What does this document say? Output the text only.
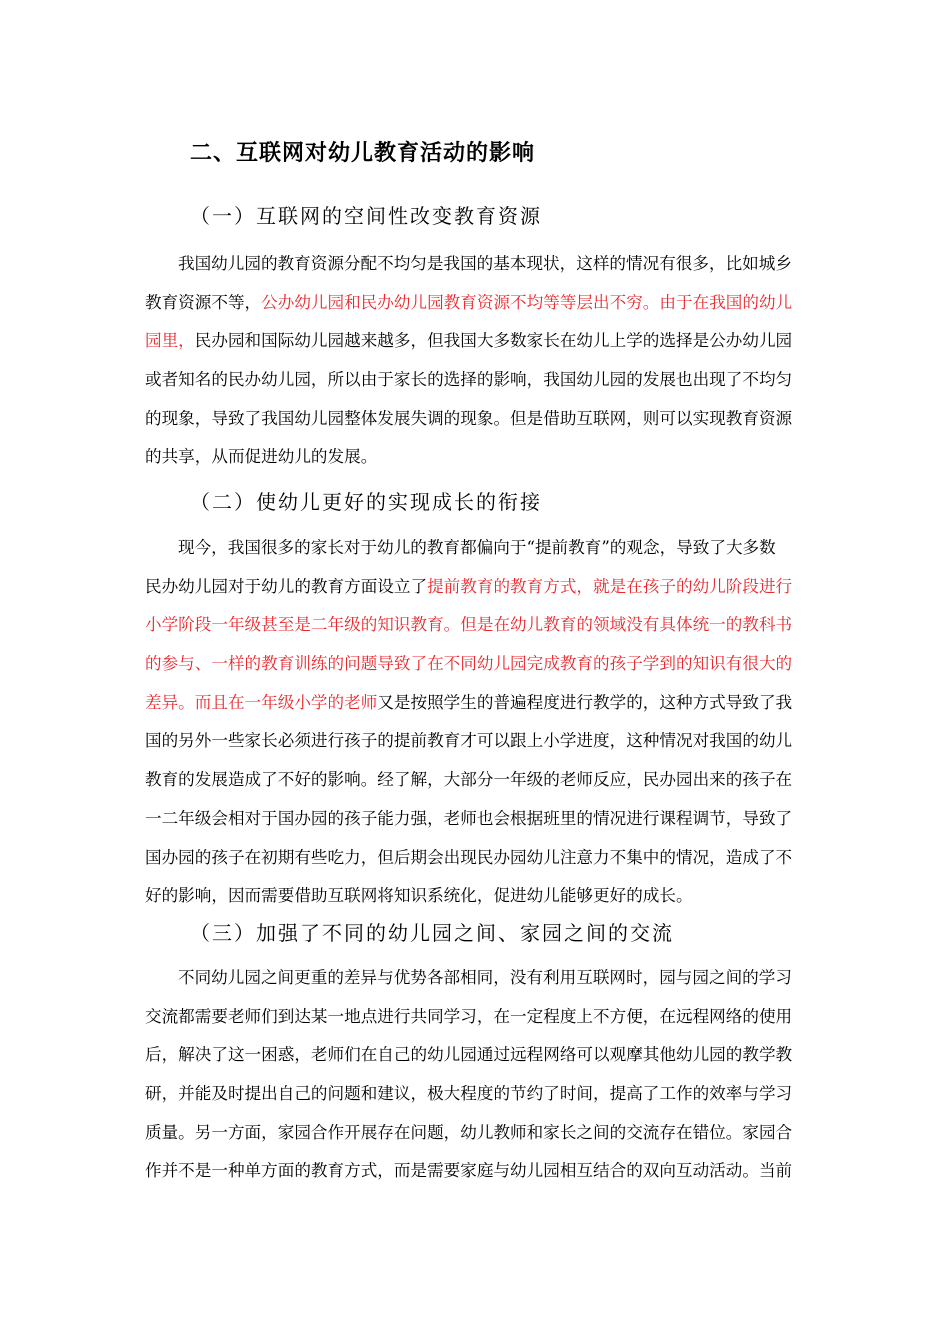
二、互联网对幼儿教育活动的影响
（一）互联网的空间性改变教育资源
我国幼儿园的教育资源分配不均匀是我国的基本现状，这样的情况有很多，比如城乡
教育资源不等，公办幼儿园和民办幼儿园教育资源不均等等层出不穷。由于在我国的幼儿
园里，民办园和国际幼儿园越来越多，但我国大多数家长在幼儿上学的选择是公办幼儿园
或者知名的民办幼儿园，所以由于家长的选择的影响，我国幼儿园的发展也出现了不均匀
的现象，导致了我国幼儿园整体发展失调的现象。但是借助互联网，则可以实现教育资源
的共享，从而促进幼儿的发展。
（二）使幼儿更好的实现成长的衔接
现今，我国很多的家长对于幼儿的教育都偏向于“提前教育”的观念，导致了大多数
民办幼儿园对于幼儿的教育方面设立了提前教育的教育方式，就是在孩子的幼儿阶段进行
小学阶段一年级甚至是二年级的知识教育。但是在幼儿教育的领域没有具体统一的教科书
的参与、一样的教育训练的问题导致了在不同幼儿园完成教育的孩子学到的知识有很大的
差异。而且在一年级小学的老师又是按照学生的普遍程度进行教学的，这种方式导致了我
国的另外一些家长必须进行孩子的提前教育才可以跟上小学进度，这种情况对我国的幼儿
教育的发展造成了不好的影响。经了解，大部分一年级的老师反应，民办园出来的孩子在
一二年级会相对于国办园的孩子能力强，老师也会根据班里的情况进行课程调节，导致了
国办园的孩子在初期有些吃力，但后期会出现民办园幼儿注意力不集中的情况，造成了不
好的影响，因而需要借助互联网将知识系统化，促进幼儿能够更好的成长。
（三）加强了不同的幼儿园之间、家园之间的交流
不同幼儿园之间更重的差异与优势各部相同，没有利用互联网时，园与园之间的学习
交流都需要老师们到达某一地点进行共同学习，在一定程度上不方便，在远程网络的使用
后，解决了这一困惑，老师们在自己的幼儿园通过远程网络可以观摩其他幼儿园的教学教
研，并能及时提出自己的问题和建议，极大程度的节约了时间，提高了工作的效率与学习
质量。另一方面，家园合作开展存在问题，幼儿教师和家长之间的交流存在错位。家园合
作并不是一种单方面的教育方式，而是需要家庭与幼儿园相互结合的双向互动活动。当前
